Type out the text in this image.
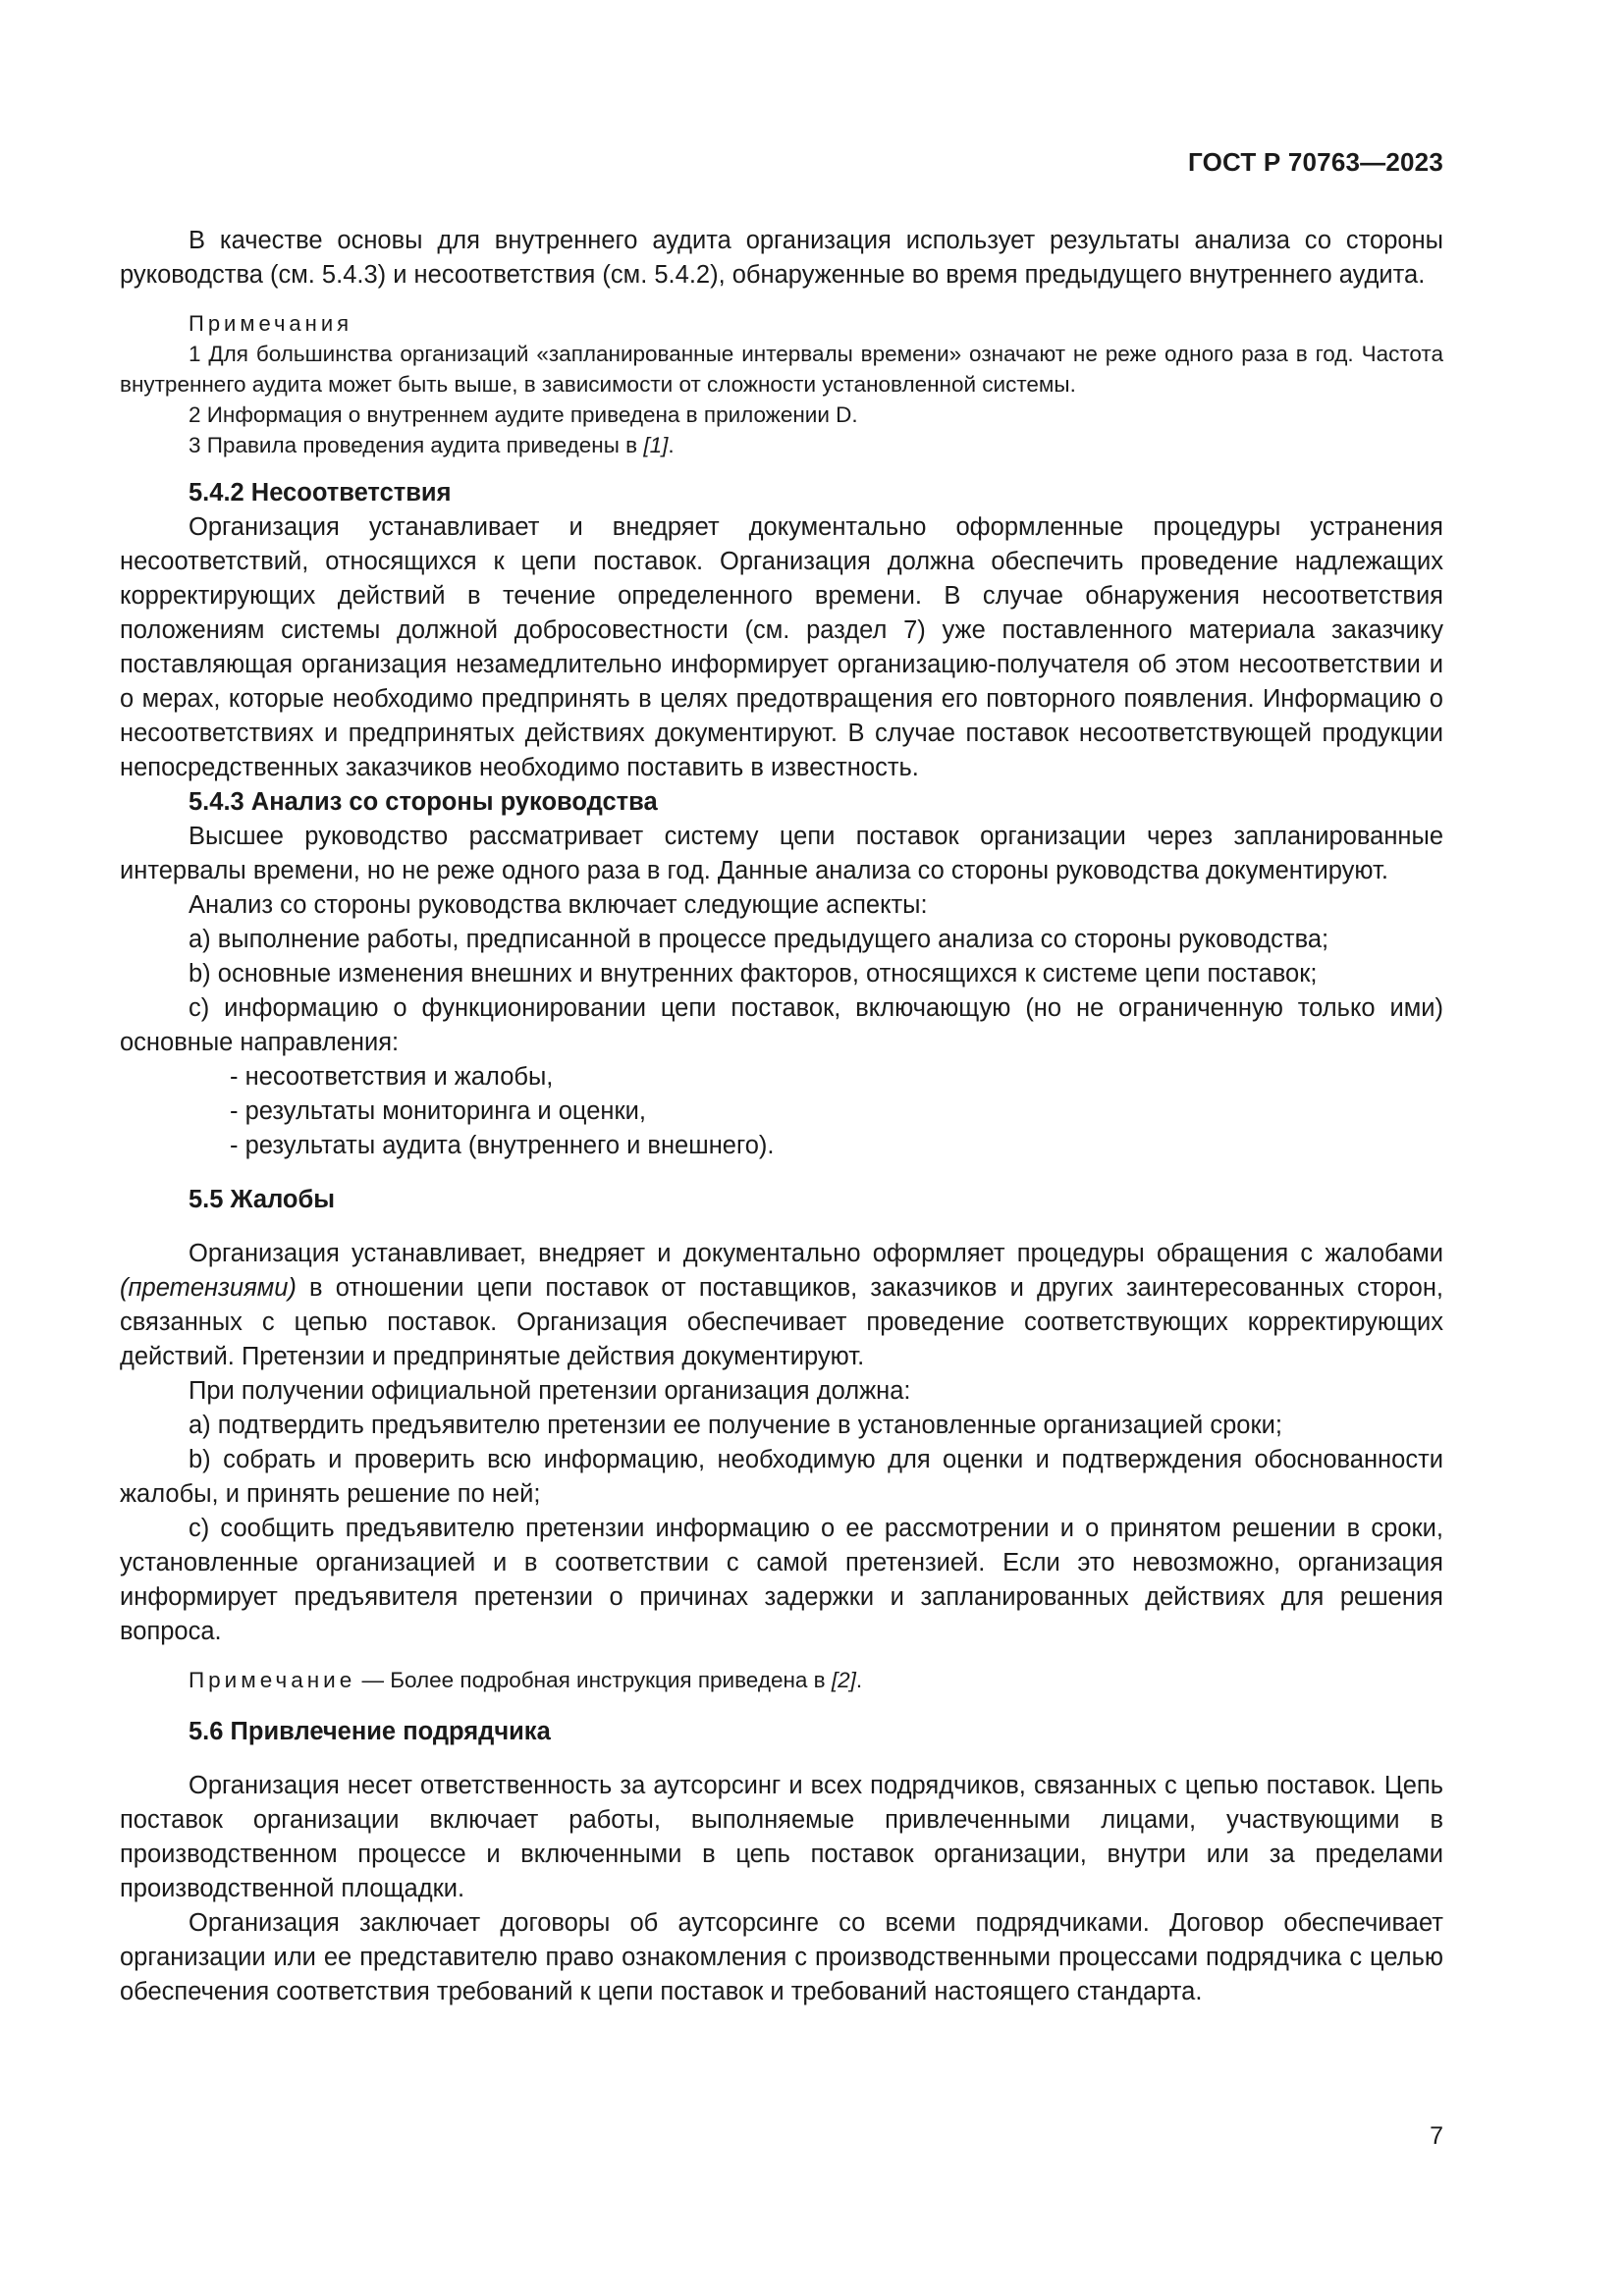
ГОСТ Р 70763—2023

В качестве основы для внутреннего аудита организация использует результаты анализа со стороны руководства (см. 5.4.3) и несоответствия (см. 5.4.2), обнаруженные во время предыдущего внутреннего аудита.

Примечания

1 Для большинства организаций «запланированные интервалы времени» означают не реже одного раза в год. Частота внутреннего аудита может быть выше, в зависимости от сложности установленной системы.

2 Информация о внутреннем аудите приведена в приложении D.

3 Правила проведения аудита приведены в [1].

5.4.2 Несоответствия

Организация устанавливает и внедряет документально оформленные процедуры устранения несоответствий, относящихся к цепи поставок. Организация должна обеспечить проведение надлежащих корректирующих действий в течение определенного времени. В случае обнаружения несоответствия положениям системы должной добросовестности (см. раздел 7) уже поставленного материала заказчику поставляющая организация незамедлительно информирует организацию-получателя об этом несоответствии и о мерах, которые необходимо предпринять в целях предотвращения его повторного появления. Информацию о несоответствиях и предпринятых действиях документируют. В случае поставок несоответствующей продукции непосредственных заказчиков необходимо поставить в известность.

5.4.3 Анализ со стороны руководства

Высшее руководство рассматривает систему цепи поставок организации через запланированные интервалы времени, но не реже одного раза в год. Данные анализа со стороны руководства документируют.

Анализ со стороны руководства включает следующие аспекты:

a) выполнение работы, предписанной в процессе предыдущего анализа со стороны руководства;

b) основные изменения внешних и внутренних факторов, относящихся к системе цепи поставок;

c) информацию о функционировании цепи поставок, включающую (но не ограниченную только ими) основные направления:

- несоответствия и жалобы,

- результаты мониторинга и оценки,

- результаты аудита (внутреннего и внешнего).

5.5 Жалобы

Организация устанавливает, внедряет и документально оформляет процедуры обращения с жалобами (претензиями) в отношении цепи поставок от поставщиков, заказчиков и других заинтересованных сторон, связанных с цепью поставок. Организация обеспечивает проведение соответствующих корректирующих действий. Претензии и предпринятые действия документируют.

При получении официальной претензии организация должна:

a) подтвердить предъявителю претензии ее получение в установленные организацией сроки;

b) собрать и проверить всю информацию, необходимую для оценки и подтверждения обоснованности жалобы, и принять решение по ней;

c) сообщить предъявителю претензии информацию о ее рассмотрении и о принятом решении в сроки, установленные организацией и в соответствии с самой претензией. Если это невозможно, организация информирует предъявителя претензии о причинах задержки и запланированных действиях для решения вопроса.

Примечание — Более подробная инструкция приведена в [2].

5.6 Привлечение подрядчика

Организация несет ответственность за аутсорсинг и всех подрядчиков, связанных с цепью поставок. Цепь поставок организации включает работы, выполняемые привлеченными лицами, участвующими в производственном процессе и включенными в цепь поставок организации, внутри или за пределами производственной площадки.

Организация заключает договоры об аутсорсинге со всеми подрядчиками. Договор обеспечивает организации или ее представителю право ознакомления с производственными процессами подрядчика с целью обеспечения соответствия требований к цепи поставок и требований настоящего стандарта.

7
